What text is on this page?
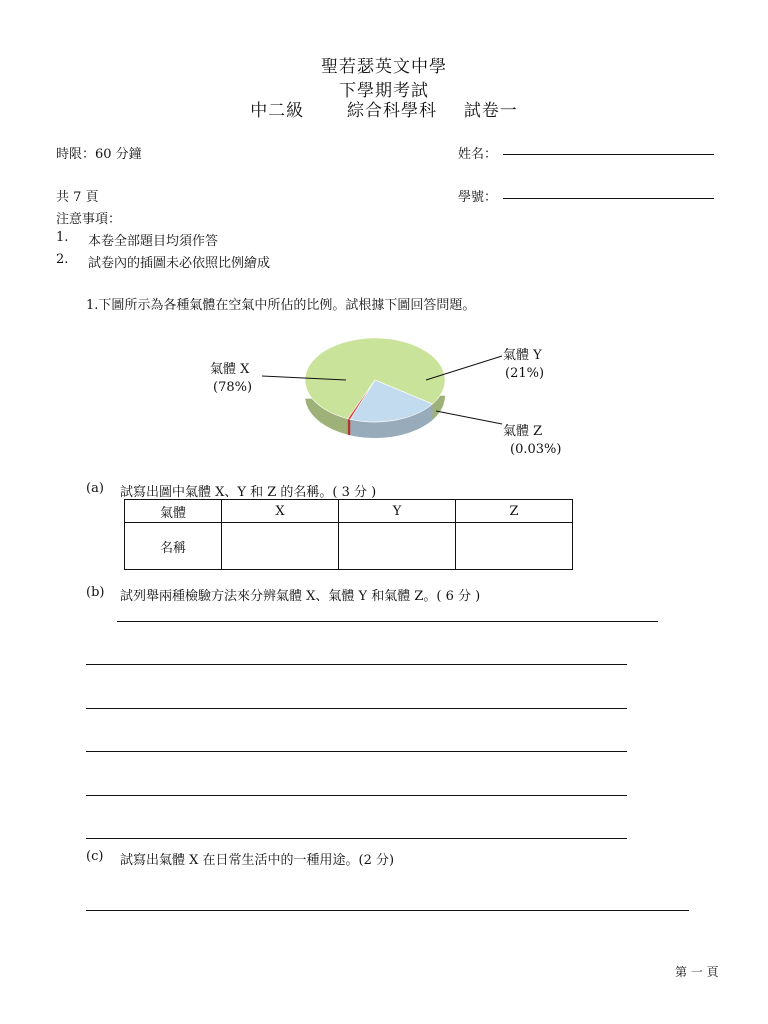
聖若瑟英文中學
下學期考試
中二級	綜合科學科 試卷一
時限：60 分鐘	姓名：
共 7 頁	學號：
注意事項：
1. 本卷全部題目均須作答
2. 試卷內的插圖未必依照比例繪成
1.下圖所示為各種氣體在空氣中所佔的比例。試根據下圖回答問題。
氣體 X
(78%)
氣體 Y
(21%)
氣體 Z
(0.03%)
(a) 試寫出圖中氣體 X、Y 和 Z 的名稱。( 3 分 )
氣體	X	Y	Z
名稱			
(b) 試列舉兩種檢驗方法來分辨氣體 X、氣體 Y 和氣體 Z。( 6 分 )
(c) 試寫出氣體 X 在日常生活中的一種用途。(2 分)
第 一 頁
